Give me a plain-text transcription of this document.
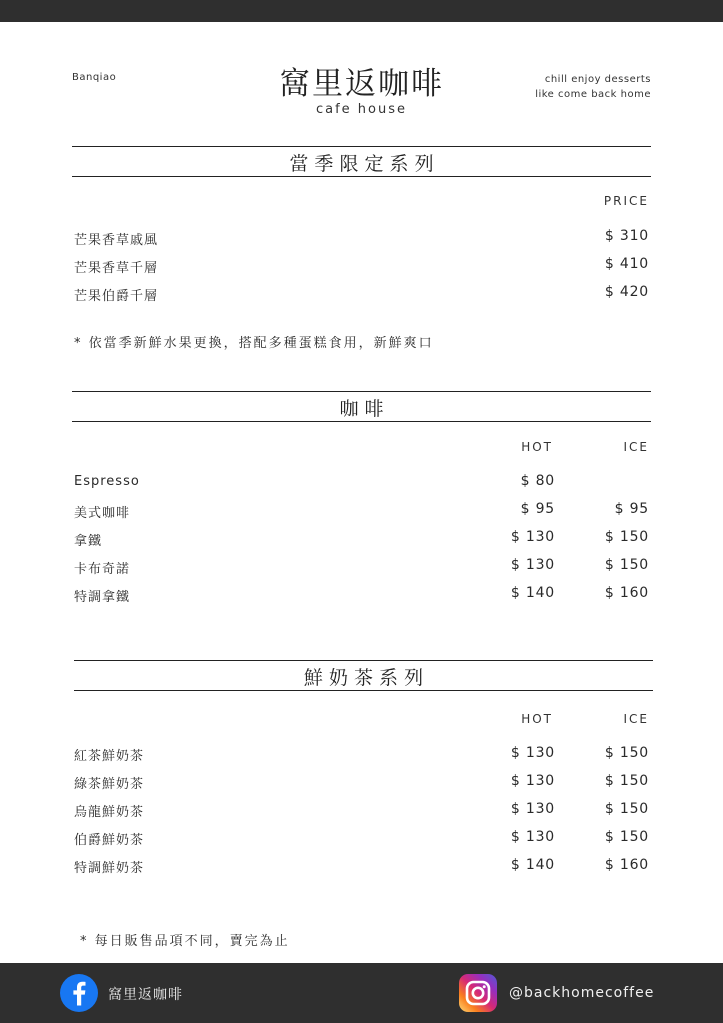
Banqiao	窩里返咖啡
cafe house
chill enjoy desserts
like come back home
當 季 限 定 系 列
PRICE
芒果香草戚風	$ 310
芒果香草千層	$ 410
芒果伯爵千層	$ 420
* 依當季新鮮水果更換，搭配多種蛋糕食用，新鮮爽口
咖 啡
HOT	ICE
Espresso	$ 80
美式咖啡	$ 95	$ 95
拿鐵	$ 130	$ 150
卡布奇諾	$ 130	$ 150
特調拿鐵	$ 140	$ 160
鮮 奶 茶 系 列
HOT	ICE
紅茶鮮奶茶	$ 130	$ 150
綠茶鮮奶茶	$ 130	$ 150
烏龍鮮奶茶	$ 130	$ 150
伯爵鮮奶茶	$ 130	$ 150
特調鮮奶茶	$ 140	$ 160
* 每日販售品項不同，賣完為止
窩里返咖啡	@backhomecoffee
